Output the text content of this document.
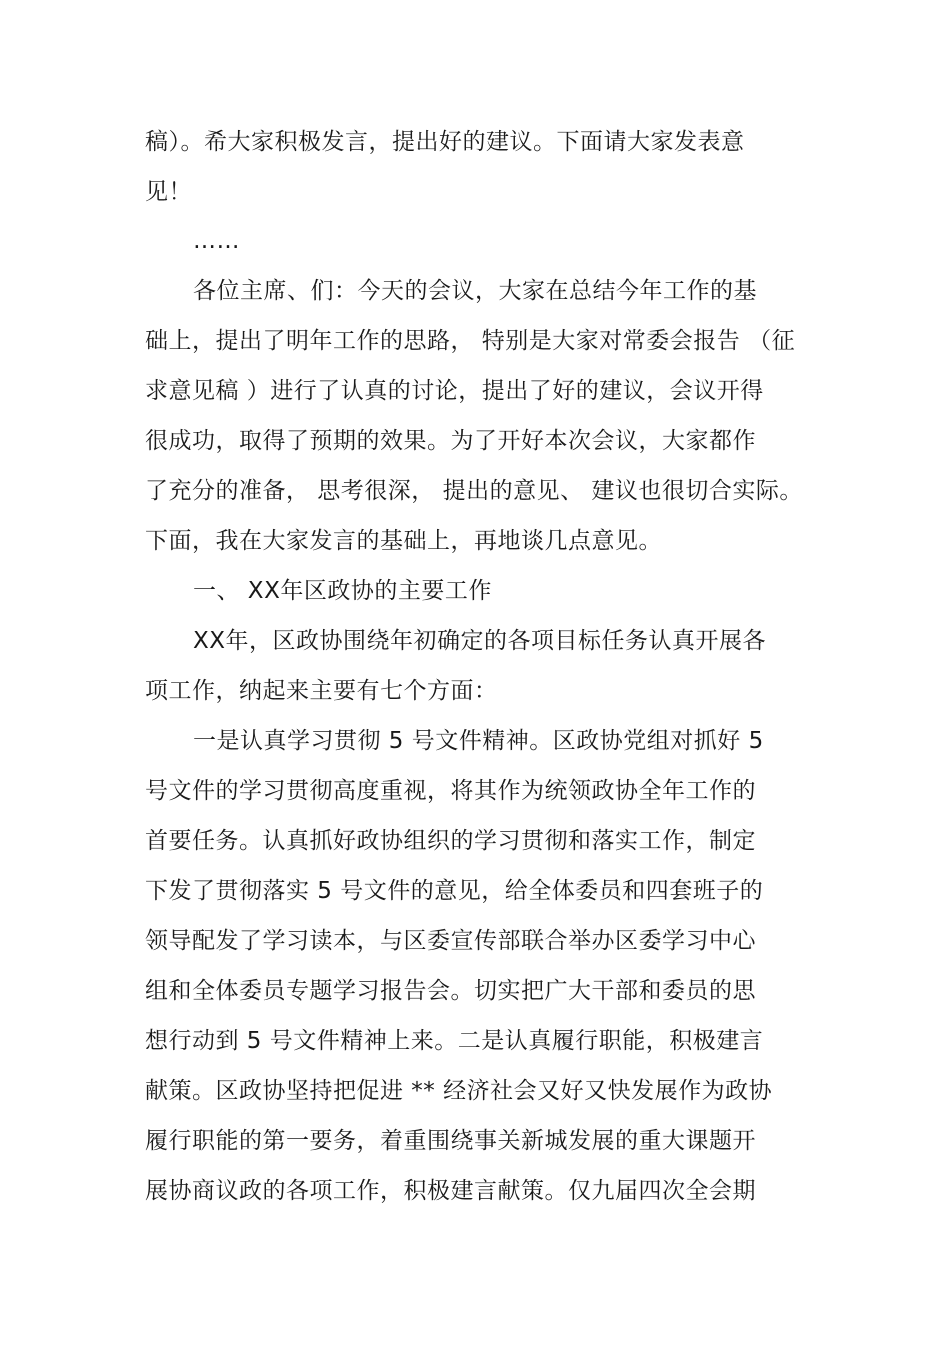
稿）。希大家积极发言，提出好的建议。下面请大家发表意

见！

……

各位主席、们：今天的会议，大家在总结今年工作的基

础上，提出了明年工作的思路， 特别是大家对常委会报告 （征

求意见稿 ）进行了认真的讨论，提出了好的建议，会议开得

很成功，取得了预期的效果。为了开好本次会议，大家都作

了充分的准备， 思考很深， 提出的意见、 建议也很切合实际。

下面，我在大家发言的基础上，再地谈几点意见。

一、 XX年区政协的主要工作

XX年，区政协围绕年初确定的各项目标任务认真开展各

项工作，纳起来主要有七个方面：

一是认真学习贯彻 5 号文件精神。区政协党组对抓好 5

号文件的学习贯彻高度重视，将其作为统领政协全年工作的

首要任务。认真抓好政协组织的学习贯彻和落实工作，制定

下发了贯彻落实 5 号文件的意见，给全体委员和四套班子的

领导配发了学习读本，与区委宣传部联合举办区委学习中心

组和全体委员专题学习报告会。切实把广大干部和委员的思

想行动到 5 号文件精神上来。二是认真履行职能，积极建言

献策。区政协坚持把促进 ** 经济社会又好又快发展作为政协

履行职能的第一要务，着重围绕事关新城发展的重大课题开

展协商议政的各项工作，积极建言献策。仅九届四次全会期
